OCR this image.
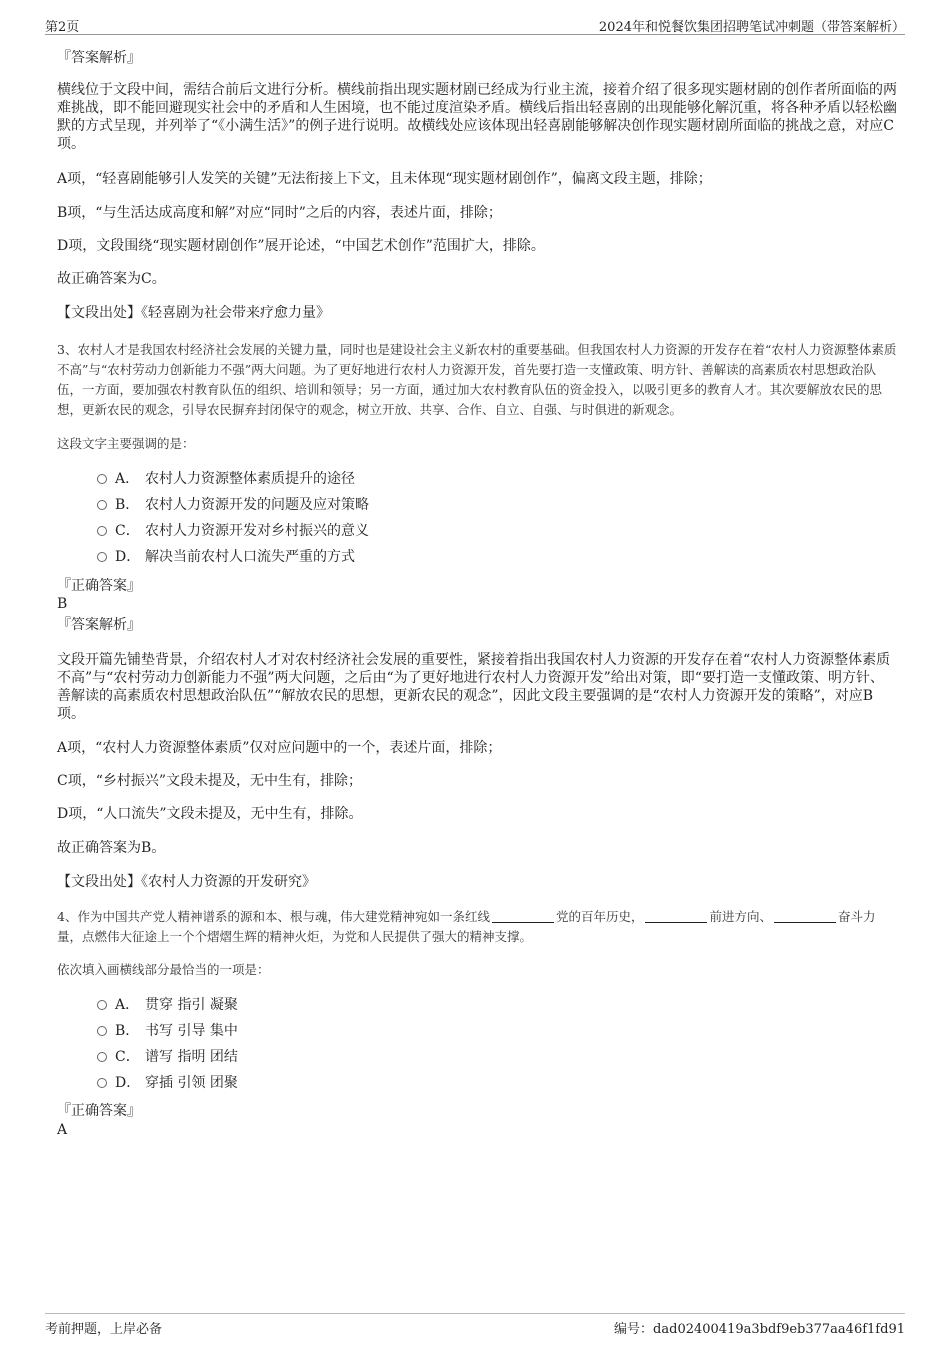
第2页	2024年和悦餐饮集团招聘笔试冲刺题（带答案解析）
『答案解析』
横线位于文段中间，需结合前后文进行分析。横线前指出现实题材剧已经成为行业主流，接着介绍了很多现实题材剧的创作者所面临的两难挑战，即不能回避现实社会中的矛盾和人生困境，也不能过度渲染矛盾。横线后指出轻喜剧的出现能够化解沉重，将各种矛盾以轻松幽默的方式呈现，并列举了“《小满生活》”的例子进行说明。故横线处应该体现出轻喜剧能够解决创作现实题材剧所面临的挑战之意，对应C项。
A项，“轻喜剧能够引人发笑的关键”无法衔接上下文，且未体现“现实题材剧创作”，偏离文段主题，排除；
B项，“与生活达成高度和解”对应“同时”之后的内容，表述片面，排除；
D项，文段围绕“现实题材剧创作”展开论述，“中国艺术创作”范围扩大，排除。
故正确答案为C。
【文段出处】《轻喜剧为社会带来疗愈力量》
3、农村人才是我国农村经济社会发展的关键力量，同时也是建设社会主义新农村的重要基础。但我国农村人力资源的开发存在着“农村人力资源整体素质不高”与“农村劳动力创新能力不强”两大问题。为了更好地进行农村人力资源开发，首先要打造一支懂政策、明方针、善解读的高素质农村思想政治队伍，一方面，要加强农村教育队伍的组织、培训和领导；另一方面，通过加大农村教育队伍的资金投入，以吸引更多的教育人才。其次要解放农民的思想，更新农民的观念，引导农民摒弃封闭保守的观念，树立开放、共享、合作、自立、自强、与时俱进的新观念。
这段文字主要强调的是：
A． 农村人力资源整体素质提升的途径
B． 农村人力资源开发的问题及应对策略
C． 农村人力资源开发对乡村振兴的意义
D． 解决当前农村人口流失严重的方式
『正确答案』
B
『答案解析』
文段开篇先铺垫背景，介绍农村人才对农村经济社会发展的重要性，紧接着指出我国农村人力资源的开发存在着“农村人力资源整体素质不高”与“农村劳动力创新能力不强”两大问题，之后由“为了更好地进行农村人力资源开发”给出对策，即“要打造一支懂政策、明方针、善解读的高素质农村思想政治队伍”“解放农民的思想，更新农民的观念”，因此文段主要强调的是“农村人力资源开发的策略”，对应B项。
A项，“农村人力资源整体素质”仅对应问题中的一个，表述片面，排除；
C项，“乡村振兴”文段未提及，无中生有，排除；
D项，“人口流失”文段未提及，无中生有，排除。
故正确答案为B。
【文段出处】《农村人力资源的开发研究》
4、作为中国共产党人精神谱系的源和本、根与魂，伟大建党精神宛如一条红线	党的百年历史，	前进方向、	奋斗力量，点燃伟大征途上一个个熠熠生辉的精神火炬，为党和人民提供了强大的精神支撑。
依次填入画横线部分最恰当的一项是：
A． 贯穿 指引 凝聚
B． 书写 引导 集中
C． 谱写 指明 团结
D． 穿插 引领 团聚
『正确答案』
A
考前押题，上岸必备	编号：dad02400419a3bdf9eb377aa46f1fd91
